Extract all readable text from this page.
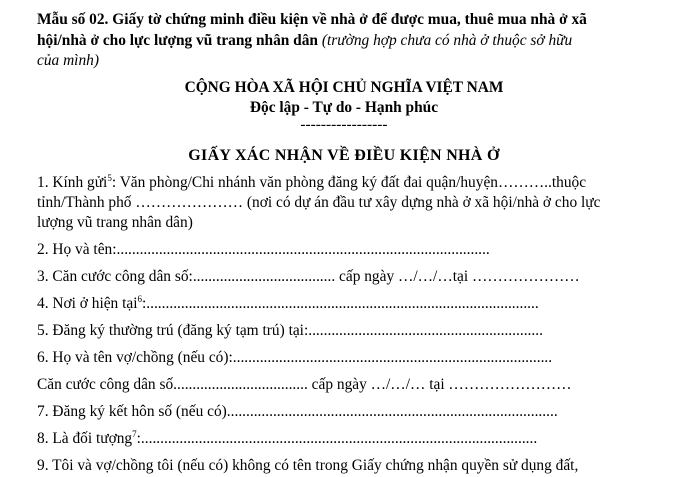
Mẫu số 02. Giấy tờ chứng minh điều kiện về nhà ở để được mua, thuê mua nhà ở xã
hội/nhà ở cho lực lượng vũ trang nhân dân (trường hợp chưa có nhà ở thuộc sở hữu
của mình)
CỘNG HÒA XÃ HỘI CHỦ NGHĨA VIỆT NAM
Độc lập - Tự do - Hạnh phúc
-----------------
GIẤY XÁC NHẬN VỀ ĐIỀU KIỆN NHÀ Ở
1. Kính gửi$^5$: Văn phòng/Chi nhánh văn phòng đăng ký đất đai quận/huyện………..thuộc
tỉnh/Thành phố ………………… (nơi có dự án đầu tư xây dựng nhà ở xã hội/nhà ở cho lực
lượng vũ trang nhân dân)
2. Họ và tên:.................................................................................................
3. Căn cước công dân số:..................................... cấp ngày …/…/…tại …………………
4. Nơi ở hiện tại$^6$:......................................................................................................
5. Đăng ký thường trú (đăng ký tạm trú) tại:.............................................................
6. Họ và tên vợ/chồng (nếu có):...................................................................................
Căn cước công dân số................................... cấp ngày …/…/… tại ……………………
7. Đăng ký kết hôn số (nếu có)......................................................................................
8. Là đối tượng$^7$:.......................................................................................................
9. Tôi và vợ/chồng tôi (nếu có) không có tên trong Giấy chứng nhận quyền sử dụng đất,
